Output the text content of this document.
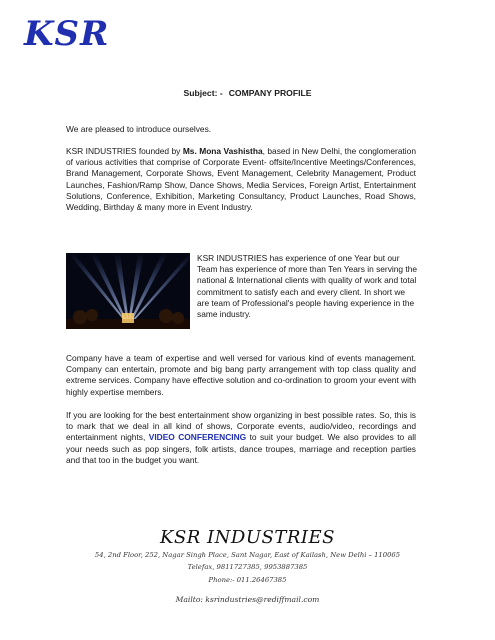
KSR
Subject: - COMPANY PROFILE
We are pleased to introduce ourselves.
KSR INDUSTRIES founded by Ms. Mona Vashistha, based in New Delhi, the conglomeration of various activities that comprise of Corporate Event- offsite/Incentive Meetings/Conferences, Brand Management, Corporate Shows, Event Management, Celebrity Management, Product Launches, Fashion/Ramp Show, Dance Shows, Media Services, Foreign Artist, Entertainment Solutions, Conference, Exhibition, Marketing Consultancy, Product Launches, Road Shows, Wedding, Birthday & many more in Event Industry.
KSR INDUSTRIES has experience of one Year but our Team has experience of more than Ten Years in serving the national & International clients with quality of work and total commitment to satisfy each and every client. In short we are team of Professional's people having experience in the same industry.
Company have a team of expertise and well versed for various kind of events management. Company can entertain, promote and big bang party arrangement with top class quality and extreme services. Company have effective solution and co-ordination to groom your event with highly expertise members.
If you are looking for the best entertainment show organizing in best possible rates. So, this is to mark that we deal in all kind of shows, Corporate events, audio/video, recordings and entertainment nights, VIDEO CONFERENCING to suit your budget. We also provides to all your needs such as pop singers, folk artists, dance troupes, marriage and reception parties and that too in the budget you want.
KSR INDUSTRIES
54, 2nd Floor, 252, Nagar Singh Place, Sant Nagar, East of Kailash, New Delhi – 110065
Telefax, 9811727385, 9953887385
Phone:- 011.26467385
Mailto: ksrindustries@rediffmail.com
